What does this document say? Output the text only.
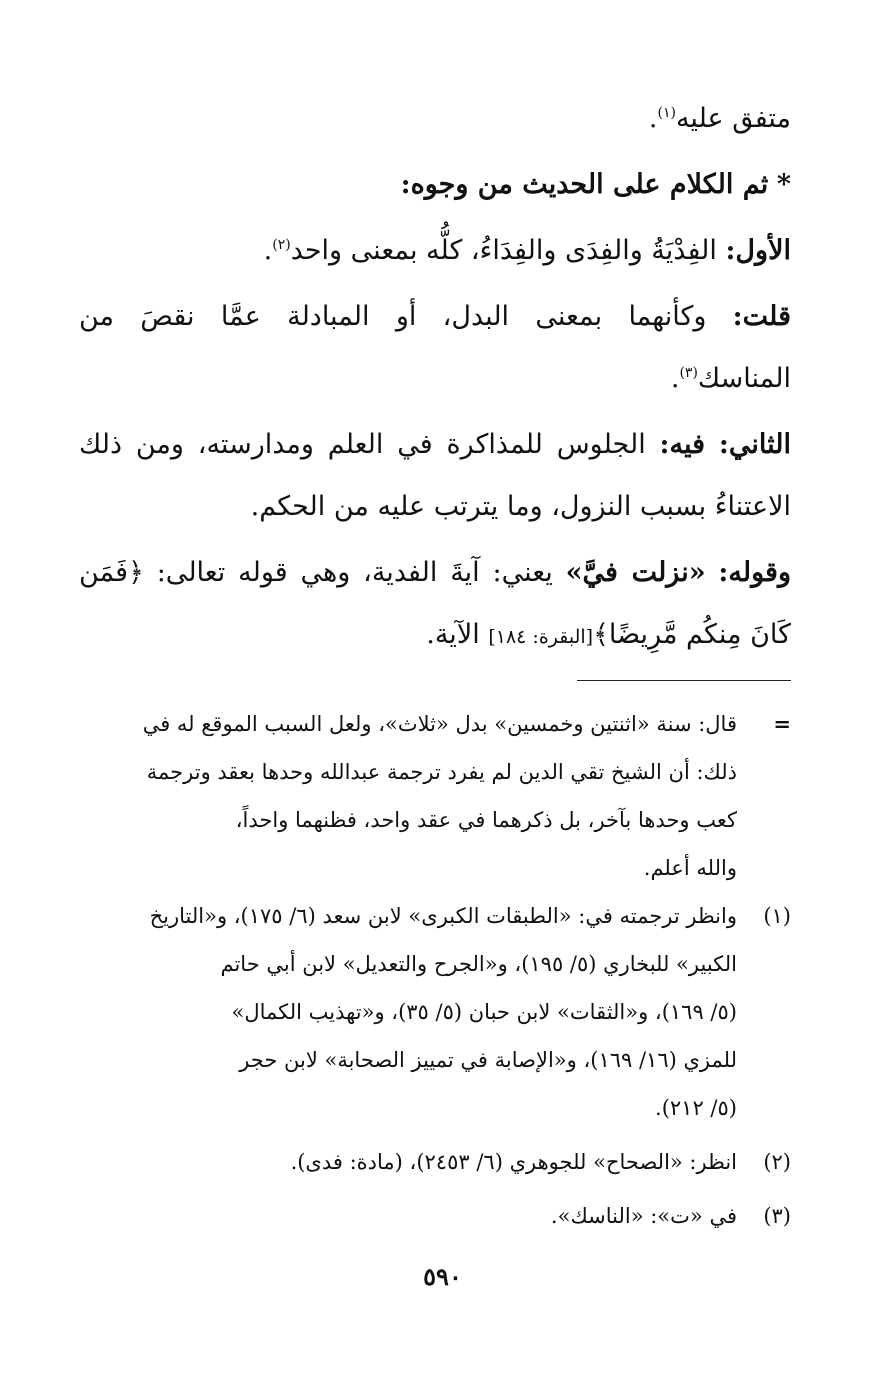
متفق عليه$^{(١)}$.
* ثم الكلام على الحديث من وجوه:
الأول: الفِدْيَةُ والفِدَى والفِدَاءُ، كلُّه بمعنى واحد$^{(٢)}$.
قلت: وكأنهما بمعنى البدل، أو المبادلة عمَّا نقصَ من
المناسك$^{(٣)}$.
الثاني: فيه: الجلوس للمذاكرة في العلم ومدارسته، ومن ذلك
الاعتناءُ بسبب النزول، وما يترتب عليه من الحكم.
وقوله: «نزلت فيَّ» يعني: آيةَ الفدية، وهي قوله تعالى: ﴿فَمَن
كَانَ مِنكُم مَّرِيضًا﴾[البقرة: ١٨٤] الآية.
=
قال: سنة «اثنتين وخمسين» بدل «ثلاث»، ولعل السبب الموقع له في
ذلك: أن الشيخ تقي الدين لم يفرد ترجمة عبدالله وحدها بعقد وترجمة
كعب وحدها بآخر، بل ذكرهما في عقد واحد، فظنهما واحداً،
والله أعلم.
(١)
وانظر ترجمته في: «الطبقات الكبرى» لابن سعد (٦/ ١٧٥)، و«التاريخ
الكبير» للبخاري (٥/ ١٩٥)، و«الجرح والتعديل» لابن أبي حاتم
(٥/ ١٦٩)، و«الثقات» لابن حبان (٥/ ٣٥)، و«تهذيب الكمال»
للمزي (١٦/ ١٦٩)، و«الإصابة في تمييز الصحابة» لابن حجر
(٥/ ٢١٢).
(٢)
انظر: «الصحاح» للجوهري (٦/ ٢٤٥٣)، (مادة: فدى).
(٣)
في «ت»: «الناسك».
٥٩٠
